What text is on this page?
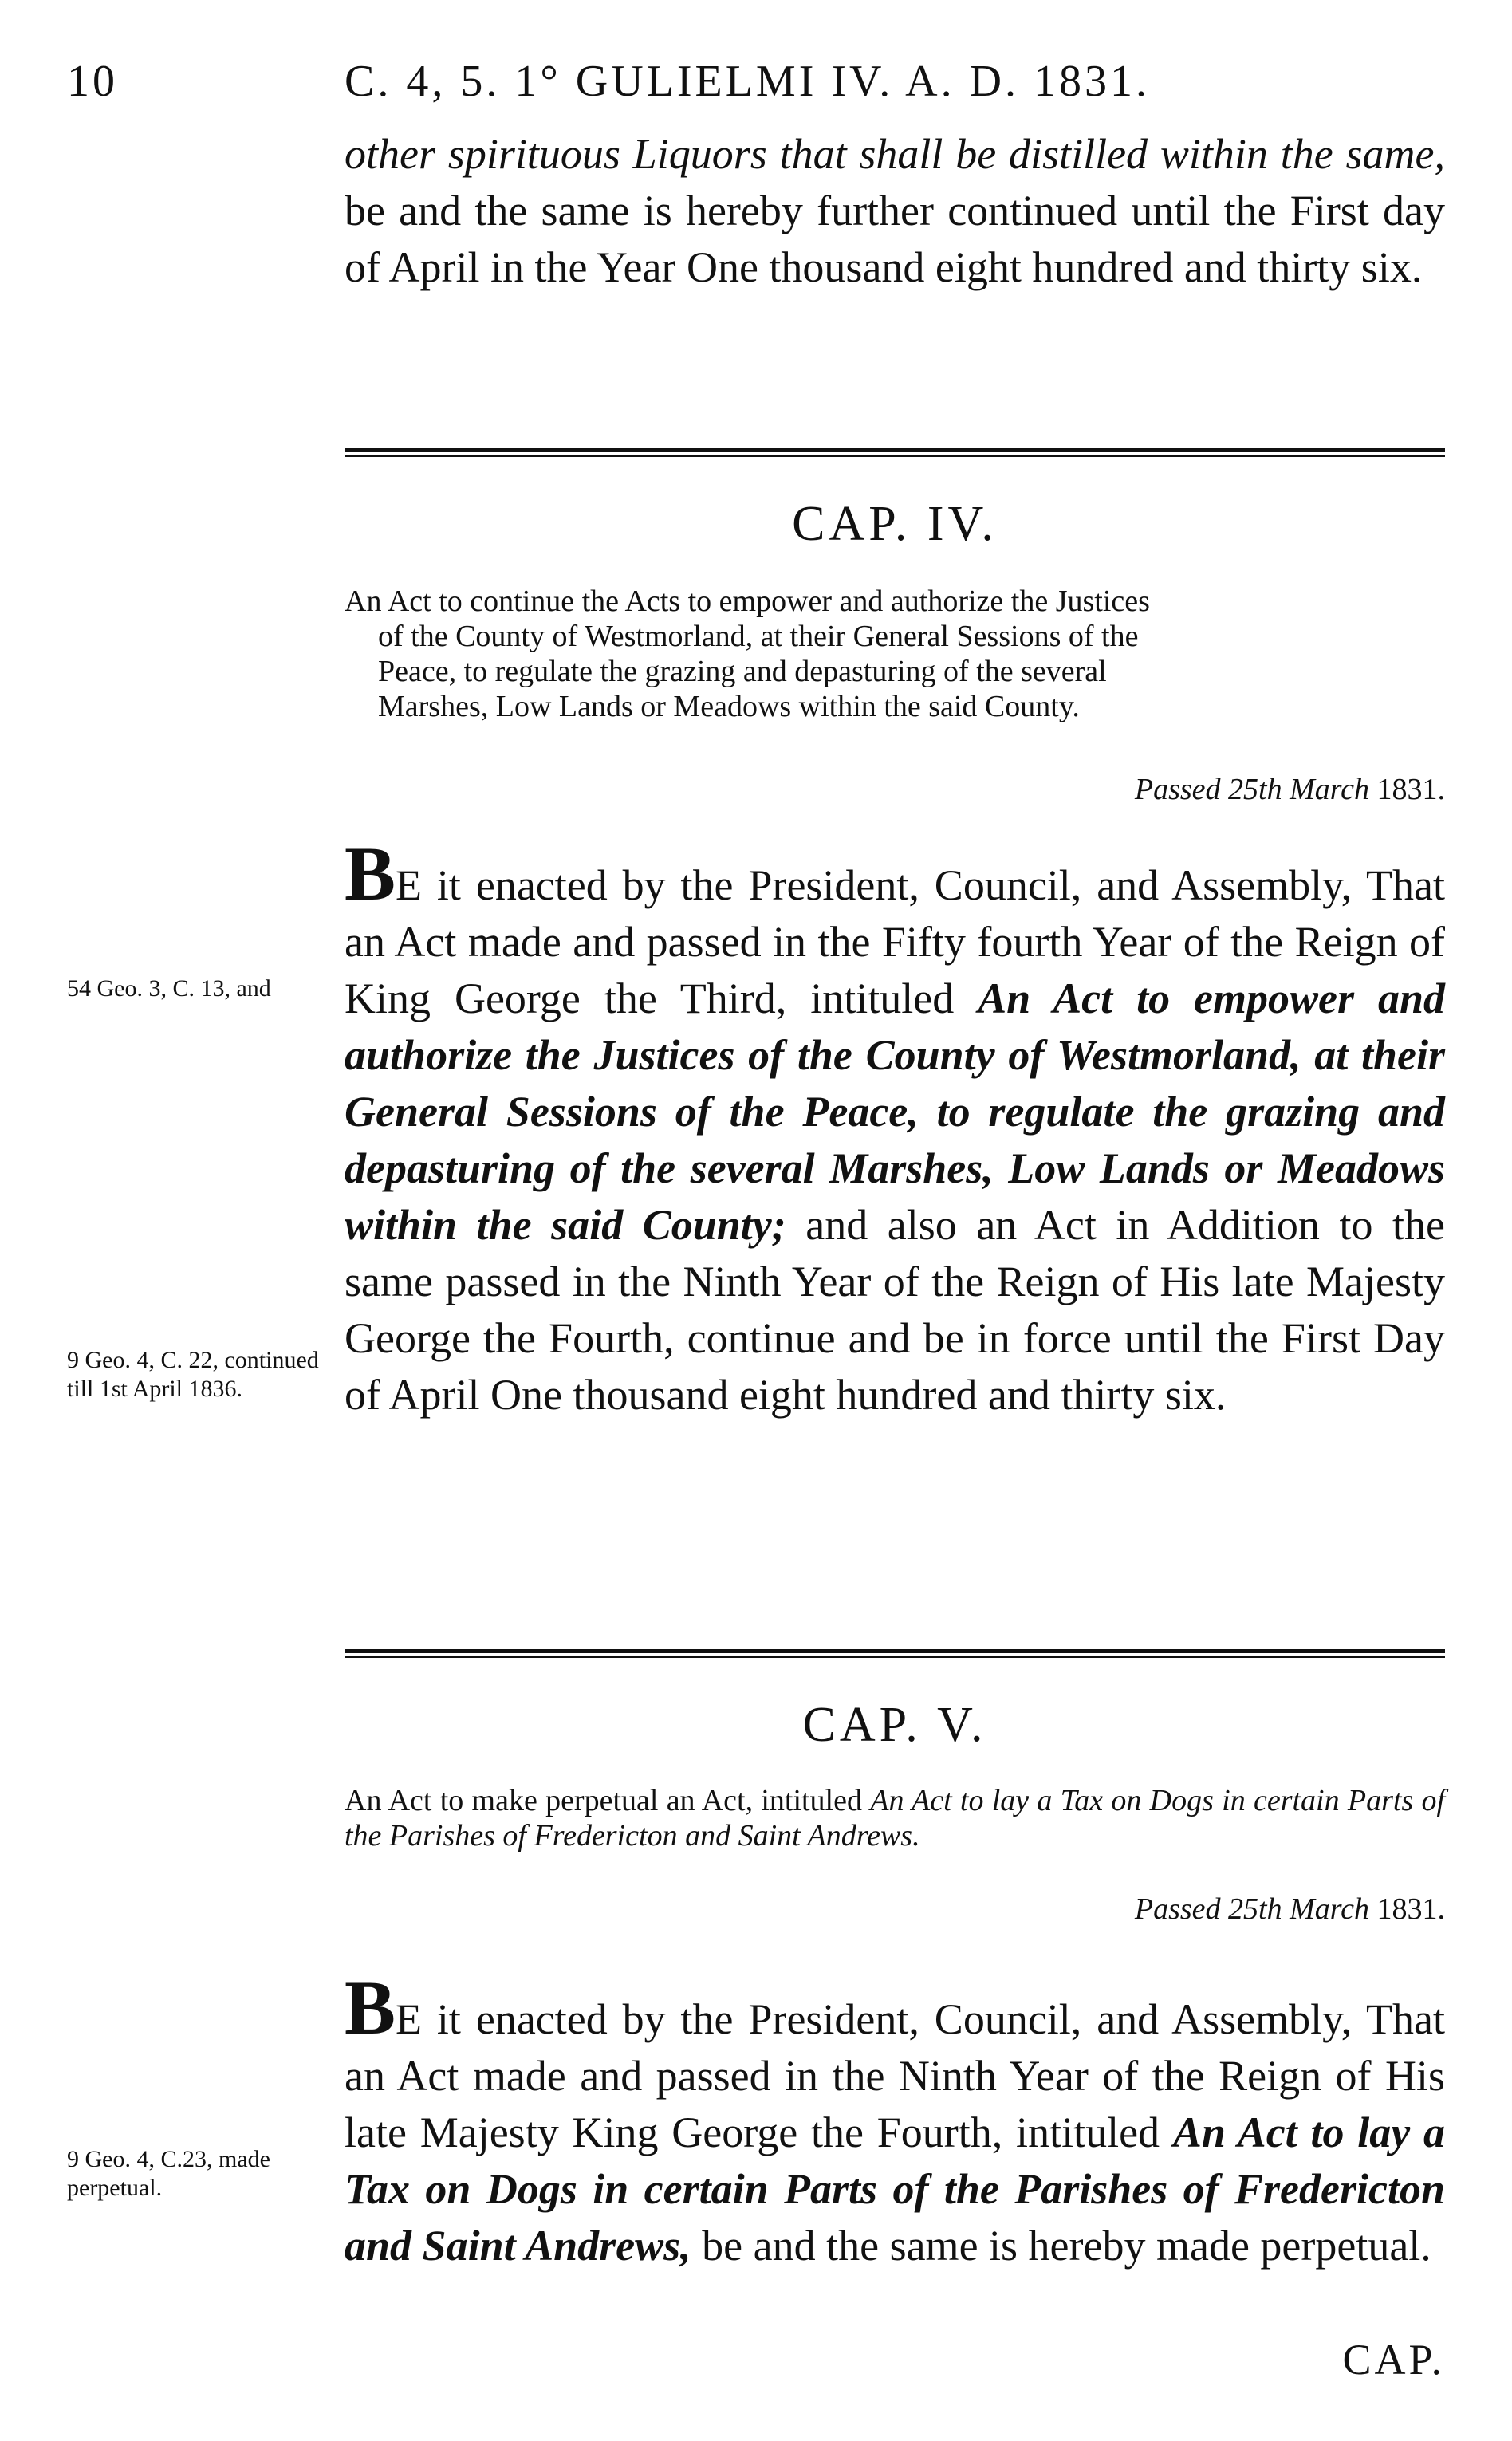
10	C. 4, 5. 1° GULIELMI IV. A. D. 1831.
other spirituous Liquors that shall be distilled within the same, be and the same is hereby further continued until the First day of April in the Year One thousand eight hundred and thirty six.
CAP. IV.
An Act to continue the Acts to empower and authorize the Justices
of the County of Westmorland, at their General Sessions of the
Peace, to regulate the grazing and depasturing of the several
Marshes, Low Lands or Meadows within the said County.
Passed 25th March 1831.
BE it enacted by the President, Council, and Assembly, That an Act made and passed in the Fifty fourth Year of the Reign of King George the Third, intituled An Act to empower and authorize the Justices of the County of Westmorland, at their General Sessions of the Peace, to regulate the grazing and depasturing of the several Marshes, Low Lands or Meadows within the said County; and also an Act in Addition to the same passed in the Ninth Year of the Reign of His late Majesty George the Fourth, continue and be in force until the First Day of April One thousand eight hundred and thirty six.
54 Geo. 3, C. 13, and
9 Geo. 4, C. 22, continued till 1st April 1836.
CAP. V.
An Act to make perpetual an Act, intituled An Act to lay a Tax on Dogs in certain Parts of the Parishes of Fredericton and Saint Andrews.
Passed 25th March 1831.
BE it enacted by the President, Council, and Assembly, That an Act made and passed in the Ninth Year of the Reign of His late Majesty King George the Fourth, intituled An Act to lay a Tax on Dogs in certain Parts of the Parishes of Fredericton and Saint Andrews, be and the same is hereby made perpetual.
CAP.
9 Geo. 4, C.23, made perpetual.
